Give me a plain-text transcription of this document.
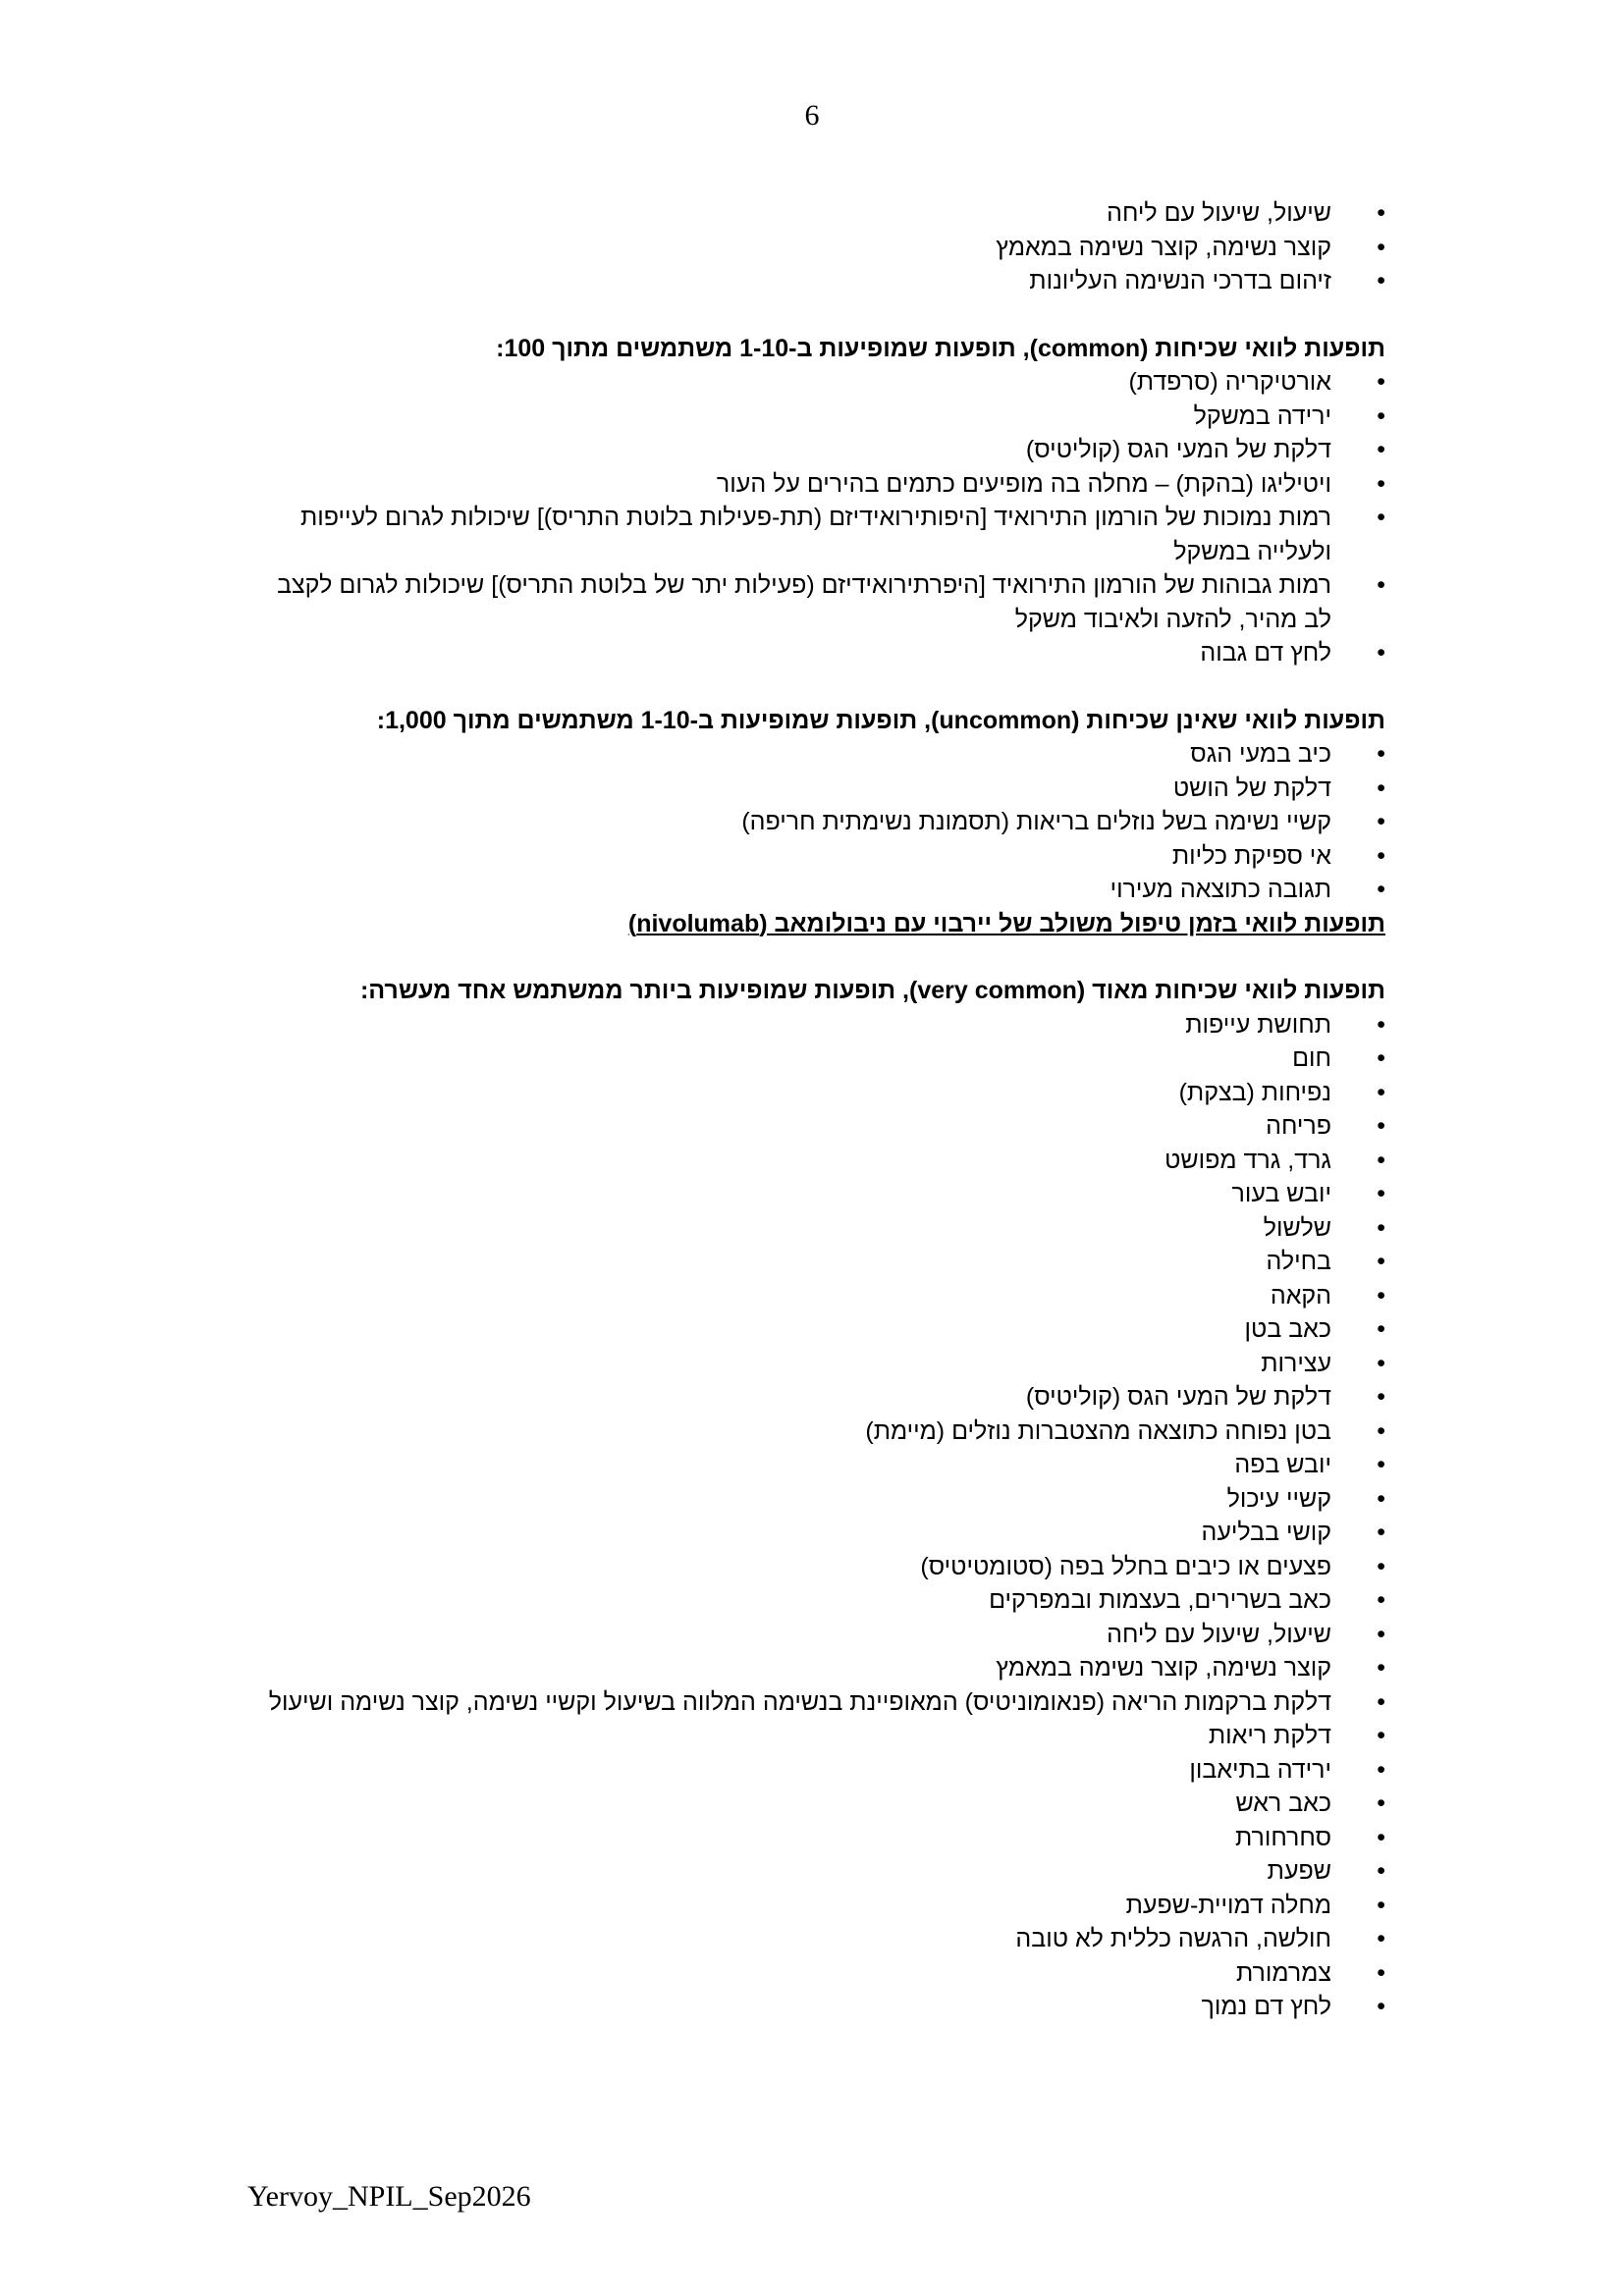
6
• שיעול, שיעול עם ליחה
• קוצר נשימה, קוצר נשימה במאמץ
• זיהום בדרכי הנשימה העליונות

תופעות לוואי שכיחות (common), תופעות שמופיעות ב-1-10 משתמשים מתוך 100:

• אורטיקריה (סרפדת)
• ירידה במשקל
• דלקת של המעי הגס (קוליטיס)
• ויטיליגו (בהקת) – מחלה בה מופיעים כתמים בהירים על העור
• רמות נמוכות של הורמון התירואיד [היפותירואידיזם (תת-פעילות בלוטת התריס)] שיכולות לגרום לעייפות ולעלייה במשקל
• רמות גבוהות של הורמון התירואיד [היפרתירואידיזם (פעילות יתר של בלוטת התריס)] שיכולות לגרום לקצב לב מהיר, להזעה ולאיבוד משקל
• לחץ דם גבוה

תופעות לוואי שאינן שכיחות (uncommon), תופעות שמופיעות ב-1-10 משתמשים מתוך 1,000:

• כיב במעי הגס
• דלקת של הושט
• קשיי נשימה בשל נוזלים בריאות (תסמונת נשימתית חריפה)
• אי ספיקת כליות
• תגובה כתוצאה מעירוי

תופעות לוואי בזמן טיפול משולב של יירבוי עם ניבולומאב (nivolumab)

תופעות לוואי שכיחות מאוד (very common), תופעות שמופיעות ביותר ממשתמש אחד מעשרה:

• תחושת עייפות
• חום
• נפיחות (בצקת)
• פריחה
• גרד, גרד מפושט
• יובש בעור
• שלשול
• בחילה
• הקאה
• כאב בטן
• עצירות
• דלקת של המעי הגס (קוליטיס)
• בטן נפוחה כתוצאה מהצטברות נוזלים (מיימת)
• יובש בפה
• קשיי עיכול
• קושי בבליעה
• פצעים או כיבים בחלל בפה (סטומטיטיס)
• כאב בשרירים, בעצמות ובמפרקים
• שיעול, שיעול עם ליחה
• קוצר נשימה, קוצר נשימה במאמץ
• דלקת ברקמות הריאה (פנאומוניטיס) המאופיינת בנשימה המלווה בשיעול וקשיי נשימה, קוצר נשימה ושיעול
• דלקת ריאות
• ירידה בתיאבון
• כאב ראש
• סחרחורת
• שפעת
• מחלה דמויית-שפעת
• חולשה, הרגשה כללית לא טובה
• צמרמורת
• לחץ דם נמוך
Yervoy_NPIL_Sep2026
